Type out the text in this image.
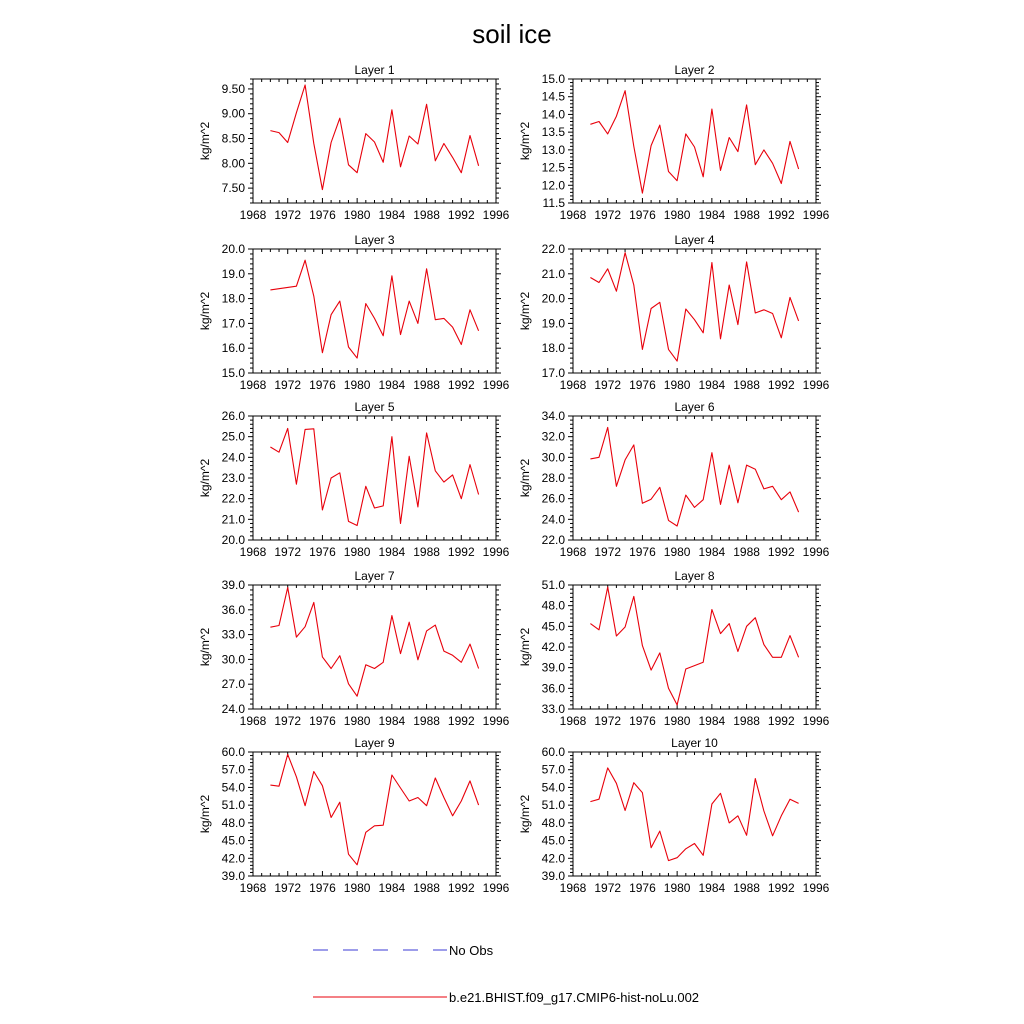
soil ice
Layer 1
1968 1972 1976 1980 1984 1988 1992 1996
7.50
8.00
8.50
9.00
9.50
kg/m^2
Layer 2
1968 1972 1976 1980 1984 1988 1992 1996
11.5
12.0
12.5
13.0
13.5
14.0
14.5
15.0
kg/m^2
Layer 3
1968 1972 1976 1980 1984 1988 1992 1996
15.0
16.0
17.0
18.0
19.0
20.0
kg/m^2
Layer 4
1968 1972 1976 1980 1984 1988 1992 1996
17.0
18.0
19.0
20.0
21.0
22.0
kg/m^2
Layer 5
1968 1972 1976 1980 1984 1988 1992 1996
20.0
21.0
22.0
23.0
24.0
25.0
26.0
kg/m^2
Layer 6
1968 1972 1976 1980 1984 1988 1992 1996
22.0
24.0
26.0
28.0
30.0
32.0
34.0
kg/m^2
Layer 7
1968 1972 1976 1980 1984 1988 1992 1996
24.0
27.0
30.0
33.0
36.0
39.0
kg/m^2
Layer 8
1968 1972 1976 1980 1984 1988 1992 1996
33.0
36.0
39.0
42.0
45.0
48.0
51.0
kg/m^2
Layer 9
1968 1972 1976 1980 1984 1988 1992 1996
39.0
42.0
45.0
48.0
51.0
54.0
57.0
60.0
kg/m^2
Layer 10
1968 1972 1976 1980 1984 1988 1992 1996
39.0
42.0
45.0
48.0
51.0
54.0
57.0
60.0
kg/m^2
No Obs
b.e21.BHIST.f09_g17.CMIP6-hist-noLu.002
